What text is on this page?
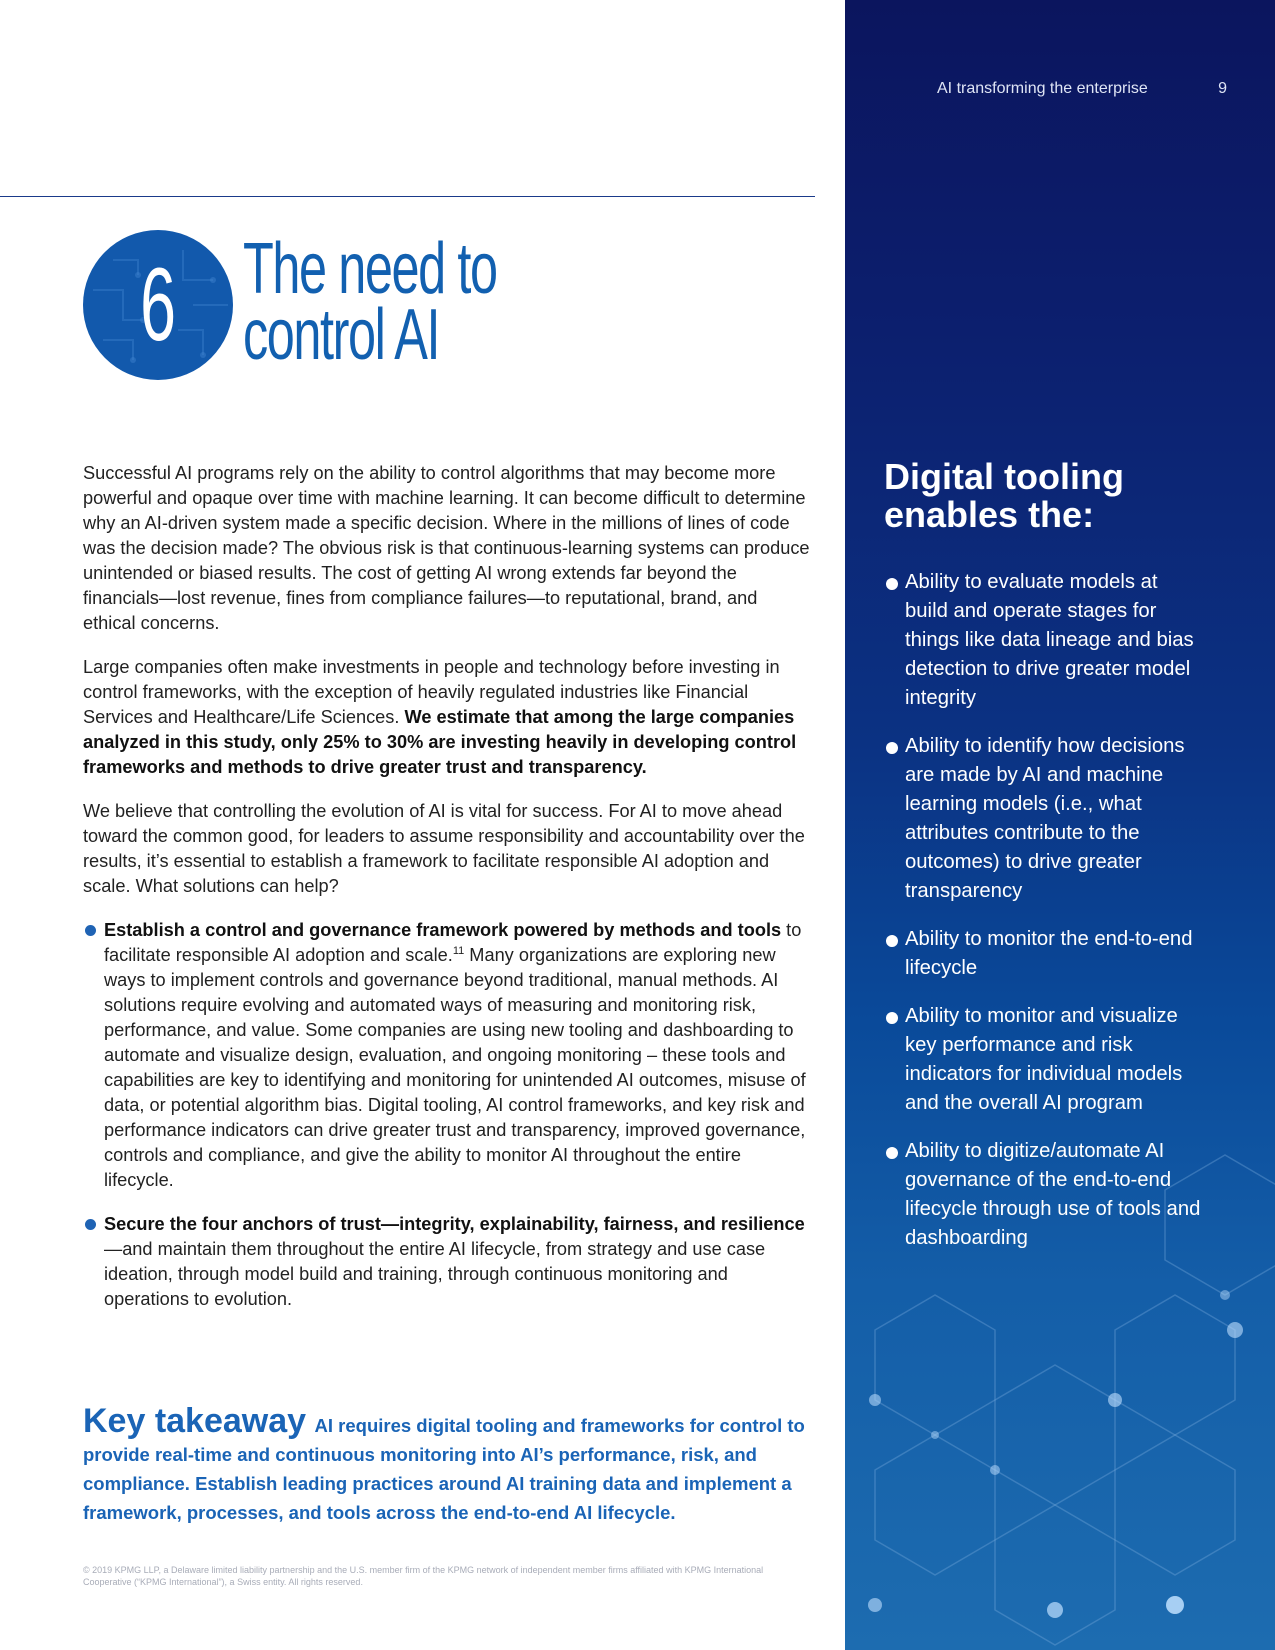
AI transforming the enterprise	9
6 The need to
control AI

Successful AI programs rely on the ability to control algorithms that may become more powerful and opaque over time with machine learning. It can become difficult to determine why an AI-driven system made a specific decision. Where in the millions of lines of code was the decision made? The obvious risk is that continuous-learning systems can produce unintended or biased results. The cost of getting AI wrong extends far beyond the financials—lost revenue, fines from compliance failures—to reputational, brand, and ethical concerns.

Large companies often make investments in people and technology before investing in control frameworks, with the exception of heavily regulated industries like Financial Services and Healthcare/Life Sciences. We estimate that among the large companies analyzed in this study, only 25% to 30% are investing heavily in developing control frameworks and methods to drive greater trust and transparency.

We believe that controlling the evolution of AI is vital for success. For AI to move ahead toward the common good, for leaders to assume responsibility and accountability over the results, it’s essential to establish a framework to facilitate responsible AI adoption and scale. What solutions can help?

Establish a control and governance framework powered by methods and tools to facilitate responsible AI adoption and scale.$^{11}$ Many organizations are exploring new ways to implement controls and governance beyond traditional, manual methods. AI solutions require evolving and automated ways of measuring and monitoring risk, performance, and value. Some companies are using new tooling and dashboarding to automate and visualize design, evaluation, and ongoing monitoring – these tools and capabilities are key to identifying and monitoring for unintended AI outcomes, misuse of data, or potential algorithm bias. Digital tooling, AI control frameworks, and key risk and performance indicators can drive greater trust and transparency, improved governance, controls and compliance, and give the ability to monitor AI throughout the entire lifecycle.
Secure the four anchors of trust—integrity, explainability, fairness, and resilience—and maintain them throughout the entire AI lifecycle, from strategy and use case ideation, through model build and training, through continuous monitoring and operations to evolution.
Key takeaway AI requires digital tooling and frameworks for control to provide real-time and continuous monitoring into AI’s performance, risk, and compliance. Establish leading practices around AI training data and implement a framework, processes, and tools across the end-to-end AI lifecycle.
© 2019 KPMG LLP, a Delaware limited liability partnership and the U.S. member firm of the KPMG network of independent member firms affiliated with KPMG International Cooperative (“KPMG International”), a Swiss entity. All rights reserved.
Digital tooling
enables the:
Ability to evaluate models at build and operate stages for things like data lineage and bias detection to drive greater model integrity
Ability to identify how decisions are made by AI and machine learning models (i.e., what attributes contribute to the outcomes) to drive greater transparency
Ability to monitor the end-to-end lifecycle
Ability to monitor and visualize key performance and risk indicators for individual models and the overall AI program
Ability to digitize/automate AI governance of the end-to-end lifecycle through use of tools and dashboarding
